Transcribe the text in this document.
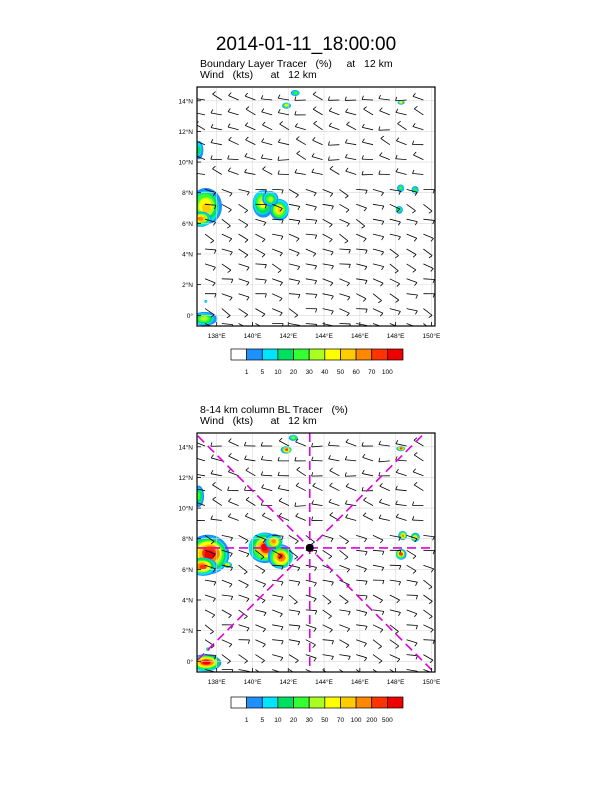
2014-01-11_18:00:00
Boundary Layer Tracer   (%)     at   12 km
Wind   (kts)      at   12 km
8-14 km column BL Tracer   (%)
Wind   (kts)      at   12 km
138°E	140°E	142°E	144°E	146°E	148°E	150°E
0°
2°N
4°N
6°N
8°N
10°N
12°N
14°N
1 5 10 20 30 40 50 60 70 100
138°E	140°E	142°E	144°E	146°E	148°E	150°E
0°
2°N
4°N
6°N
8°N
10°N
12°N
14°N
1 5 10 20 30 50 70 100 200 500
